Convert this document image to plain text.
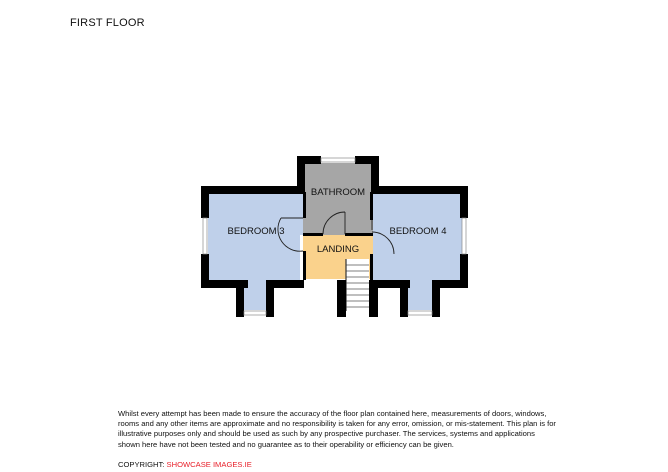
FIRST FLOOR
BEDROOM 3
BATHROOM
LANDING
BEDROOM 4
Whilst every attempt has been made to ensure the accuracy of the floor plan contained here, measurements of doors, windows, rooms and any other items are approximate and no responsibility is taken for any error, omission, or mis-statement. This plan is for illustrative purposes only and should be used as such by any prospective purchaser. The services, systems and applications shown here have not been tested and no guarantee as to their operability or efficiency can be given.
COPYRIGHT: SHOWCASE IMAGES.IE
